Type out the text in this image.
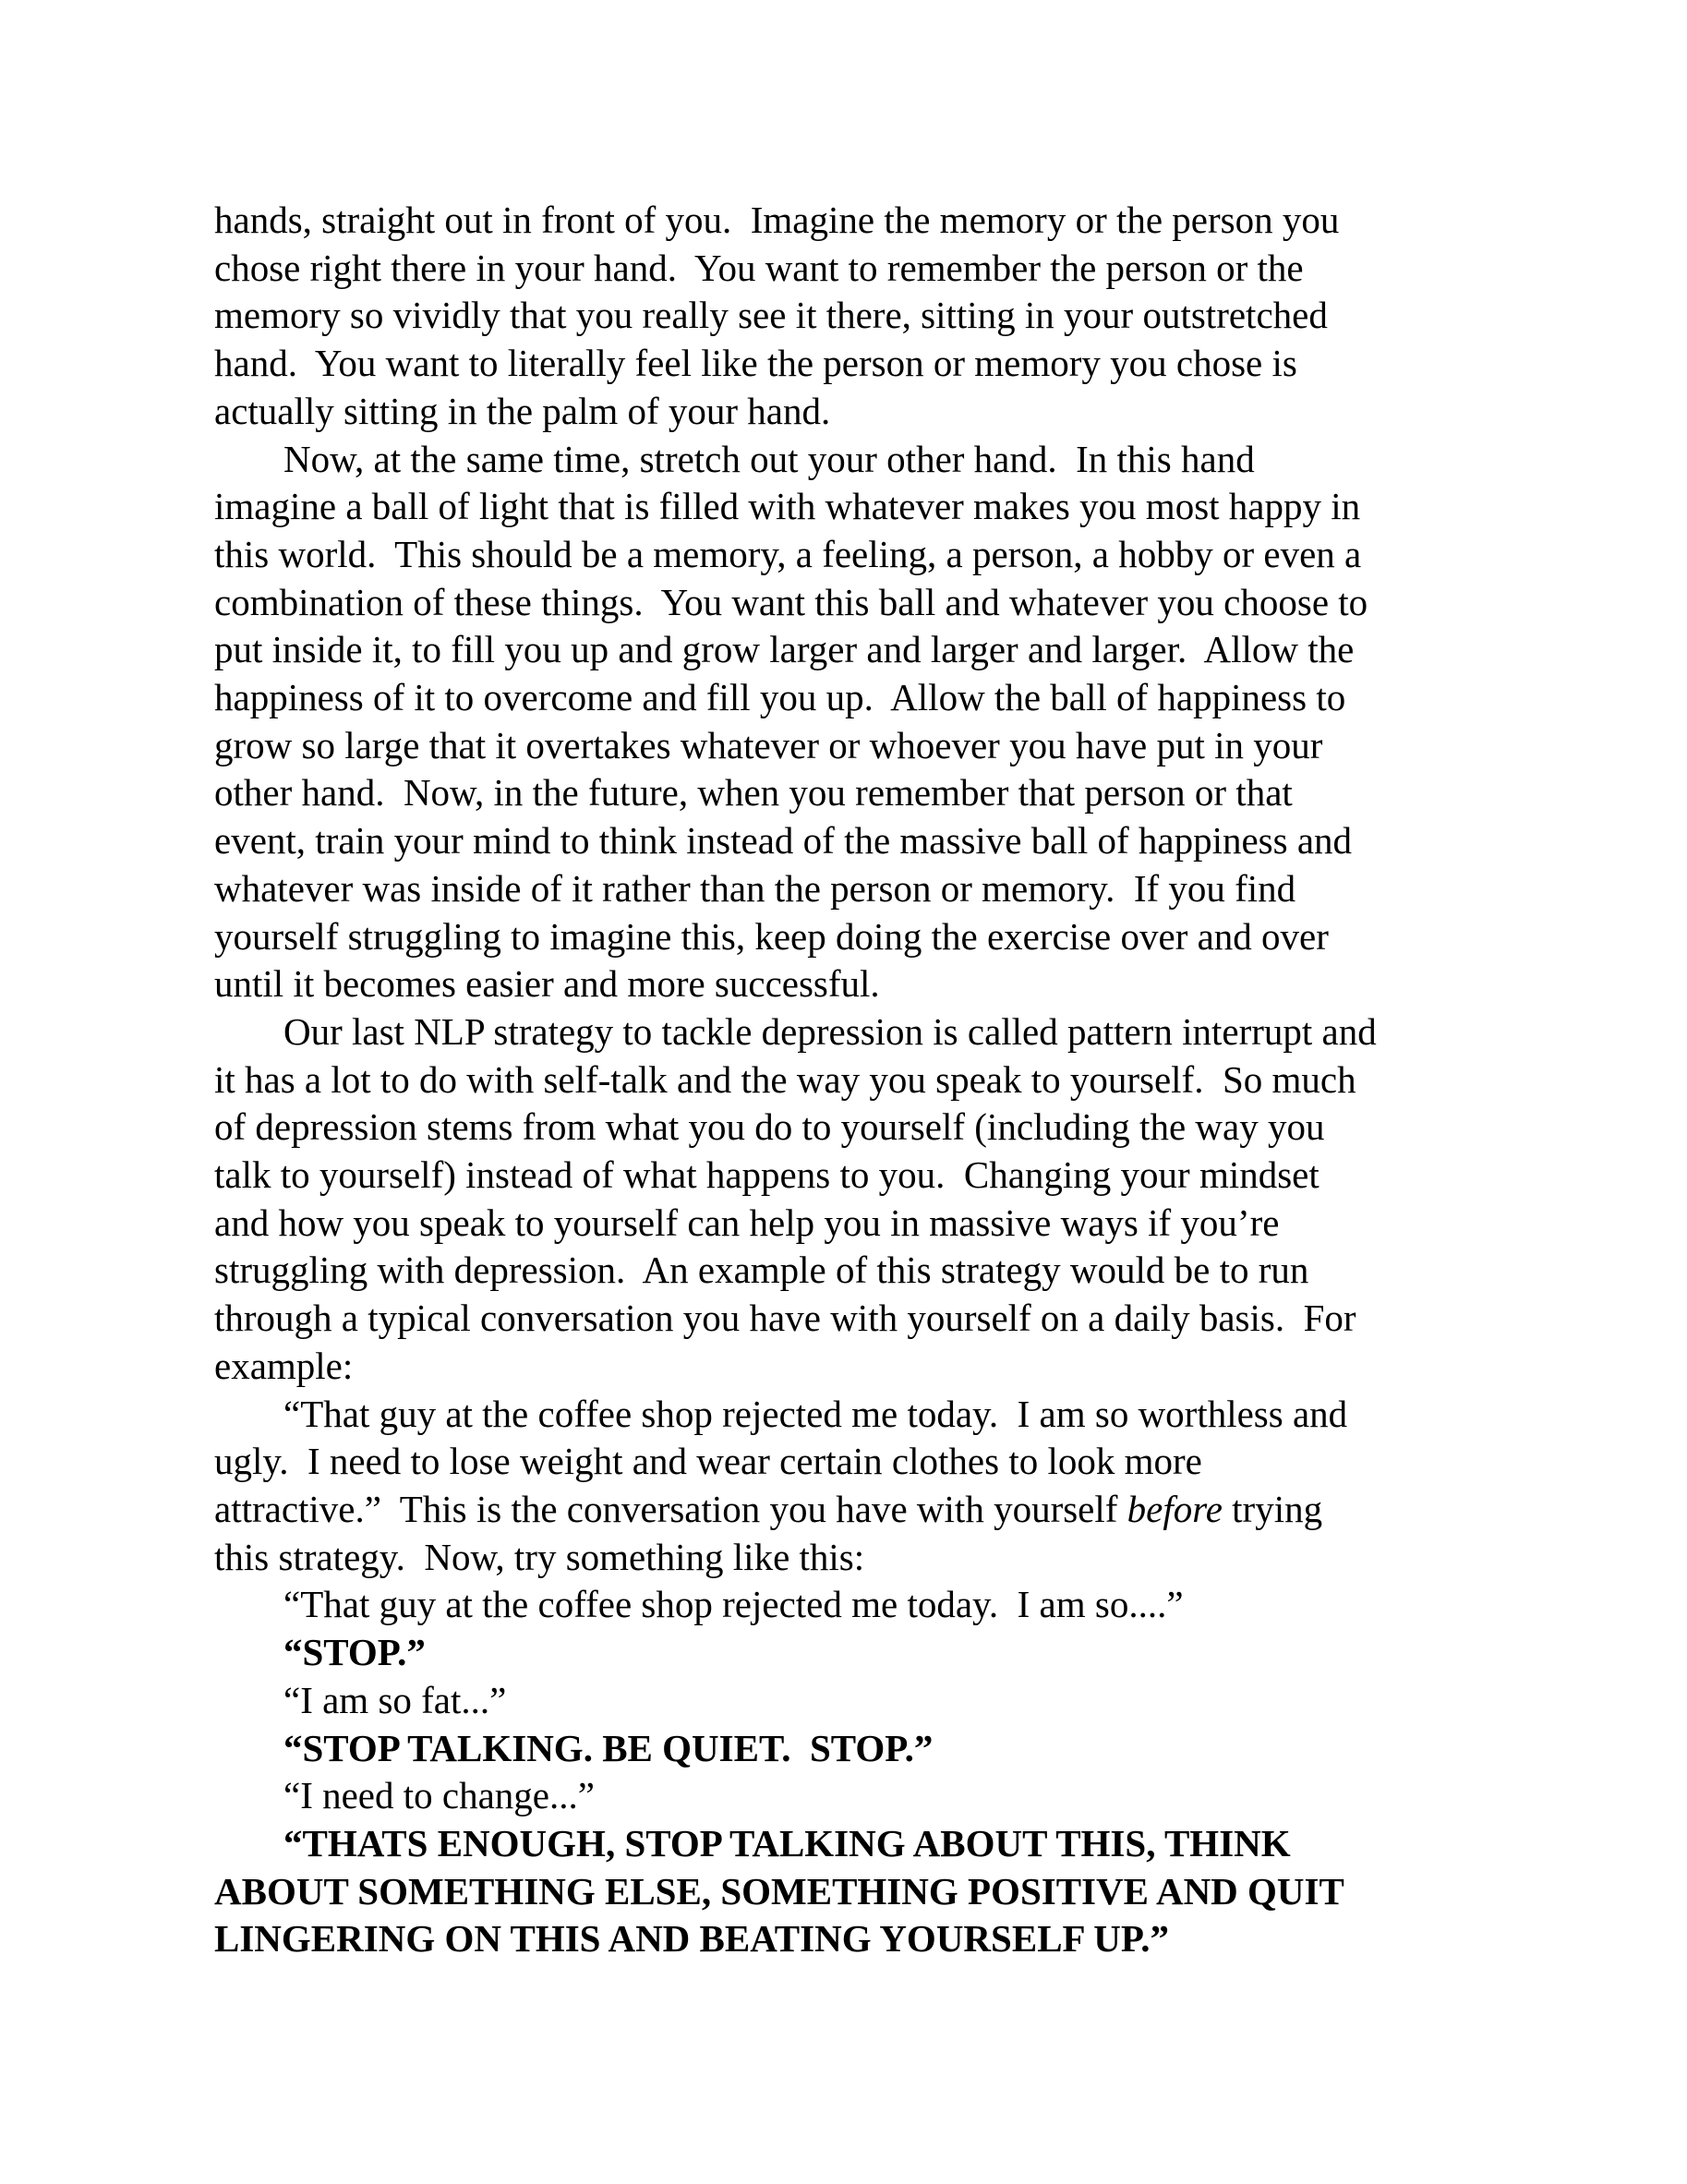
hands, straight out in front of you.  Imagine the memory or the person you
chose right there in your hand.  You want to remember the person or the
memory so vividly that you really see it there, sitting in your outstretched
hand.  You want to literally feel like the person or memory you chose is
actually sitting in the palm of your hand.
Now, at the same time, stretch out your other hand.  In this hand
imagine a ball of light that is filled with whatever makes you most happy in
this world.  This should be a memory, a feeling, a person, a hobby or even a
combination of these things.  You want this ball and whatever you choose to
put inside it, to fill you up and grow larger and larger and larger.  Allow the
happiness of it to overcome and fill you up.  Allow the ball of happiness to
grow so large that it overtakes whatever or whoever you have put in your
other hand.  Now, in the future, when you remember that person or that
event, train your mind to think instead of the massive ball of happiness and
whatever was inside of it rather than the person or memory.  If you find
yourself struggling to imagine this, keep doing the exercise over and over
until it becomes easier and more successful.
Our last NLP strategy to tackle depression is called pattern interrupt and
it has a lot to do with self-talk and the way you speak to yourself.  So much
of depression stems from what you do to yourself (including the way you
talk to yourself) instead of what happens to you.  Changing your mindset
and how you speak to yourself can help you in massive ways if you’re
struggling with depression.  An example of this strategy would be to run
through a typical conversation you have with yourself on a daily basis.  For
example:
“That guy at the coffee shop rejected me today.  I am so worthless and
ugly.  I need to lose weight and wear certain clothes to look more
attractive.”  This is the conversation you have with yourself before trying
this strategy.  Now, try something like this:
“That guy at the coffee shop rejected me today.  I am so....”
“STOP.”
“I am so fat...”
“STOP TALKING. BE QUIET.  STOP.”
“I need to change...”
“THATS ENOUGH, STOP TALKING ABOUT THIS, THINK
ABOUT SOMETHING ELSE, SOMETHING POSITIVE AND QUIT
LINGERING ON THIS AND BEATING YOURSELF UP.”
